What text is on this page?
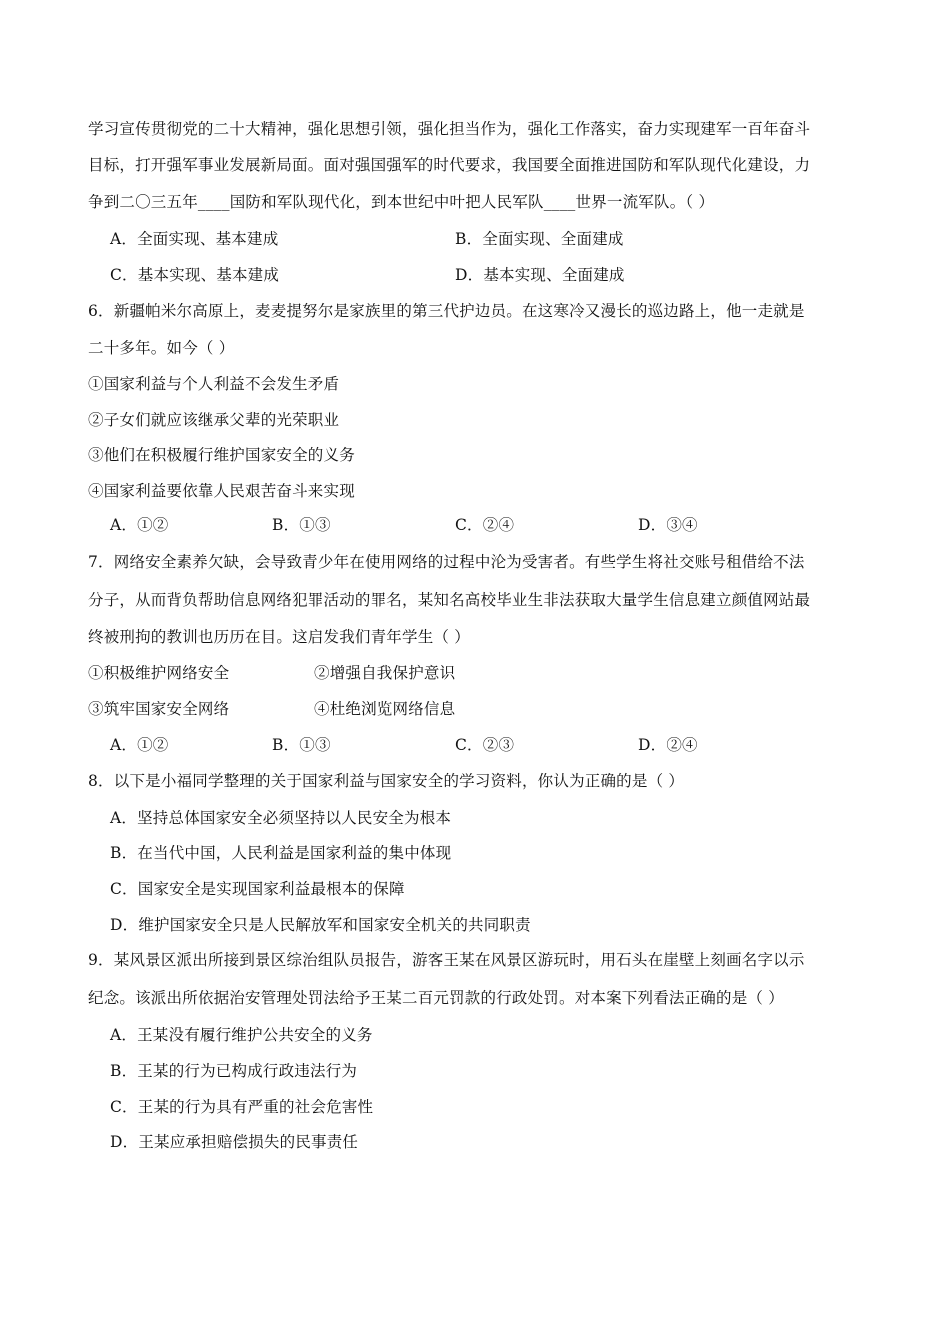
学习宣传贯彻党的二十大精神，强化思想引领，强化担当作为，强化工作落实，奋力实现建军一百年奋斗
目标，打开强军事业发展新局面。面对强国强军的时代要求，我国要全面推进国防和军队现代化建设，力
争到二〇三五年____国防和军队现代化，到本世纪中叶把人民军队____世界一流军队。（ ）
A．全面实现、基本建成	B．全面实现、全面建成
C．基本实现、基本建成	D．基本实现、全面建成
6．新疆帕米尔高原上，麦麦提努尔是家族里的第三代护边员。在这寒冷又漫长的巡边路上，他一走就是
二十多年。如今（ ）
①国家利益与个人利益不会发生矛盾
②子女们就应该继承父辈的光荣职业
③他们在积极履行维护国家安全的义务
④国家利益要依靠人民艰苦奋斗来实现
A．①②	B．①③	C．②④	D．③④
7．网络安全素养欠缺，会导致青少年在使用网络的过程中沦为受害者。有些学生将社交账号租借给不法
分子，从而背负帮助信息网络犯罪活动的罪名，某知名高校毕业生非法获取大量学生信息建立颜值网站最
终被刑拘的教训也历历在目。这启发我们青年学生（ ）
①积极维护网络安全	②增强自我保护意识
③筑牢国家安全网络	④杜绝浏览网络信息
A．①②	B．①③	C．②③	D．②④
8．以下是小福同学整理的关于国家利益与国家安全的学习资料，你认为正确的是（ ）
A．坚持总体国家安全必须坚持以人民安全为根本
B．在当代中国，人民利益是国家利益的集中体现
C．国家安全是实现国家利益最根本的保障
D．维护国家安全只是人民解放军和国家安全机关的共同职责
9．某风景区派出所接到景区综治组队员报告，游客王某在风景区游玩时，用石头在崖壁上刻画名字以示
纪念。该派出所依据治安管理处罚法给予王某二百元罚款的行政处罚。对本案下列看法正确的是（ ）
A．王某没有履行维护公共安全的义务
B．王某的行为已构成行政违法行为
C．王某的行为具有严重的社会危害性
D．王某应承担赔偿损失的民事责任
